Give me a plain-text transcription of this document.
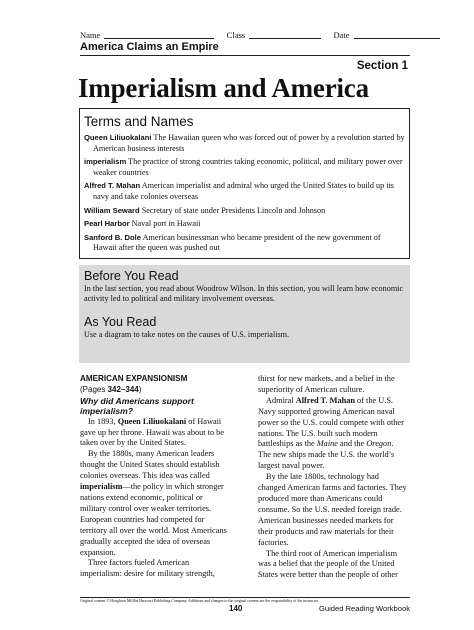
Name	Class	Date
America Claims an Empire
Section 1
Imperialism and America
Terms and Names
Queen Liliuokalani The Hawaiian queen who was forced out of power by a revolution started by American business interests
imperialism The practice of strong countries taking economic, political, and military power over weaker countries
Alfred T. Mahan American imperialist and admiral who urged the United States to build up its navy and take colonies overseas
William Seward Secretary of state under Presidents Lincoln and Johnson
Pearl Harbor Naval port in Hawaii
Sanford B. Dole American businessman who became president of the new government of Hawaii after the queen was pushed out
Before You Read
In the last section, you read about Woodrow Wilson. In this section, you will learn how economic activity led to political and military involvement overseas.
As You Read
Use a diagram to take notes on the causes of U.S. imperialism.
AMERICAN EXPANSIONISM
(Pages 342–344)
Why did Americans support imperialism?

In 1893, Queen Liliuokalani of Hawaii gave up her throne. Hawaii was about to be taken over by the United States.

By the 1880s, many American leaders thought the United States should establish colonies overseas. This idea was called imperialism—the policy in which stronger nations extend economic, political or military control over weaker territories. European countries had competed for territory all over the world. Most Americans gradually accepted the idea of overseas expansion.

Three factors fueled American imperialism: desire for military strength,

thirst for new markets, and a belief in the superiority of American culture.

Admiral Alfred T. Mahan of the U.S. Navy supported growing American naval power so the U.S. could compete with other nations. The U.S. built such modern battleships as the Maine and the Oregon. The new ships made the U.S. the world’s largest naval power.

By the late 1800s, technology had changed American farms and factories. They produced more than Americans could consume. So the U.S. needed foreign trade. American businesses needed markets for their products and raw materials for their factories.

The third root of American imperialism was a belief that the people of the United States were better than the people of other

Original content © Houghton Mifflin Harcourt Publishing Company. Additions and changes to the original content are the responsibility of the instructor.
140	Guided Reading Workbook
